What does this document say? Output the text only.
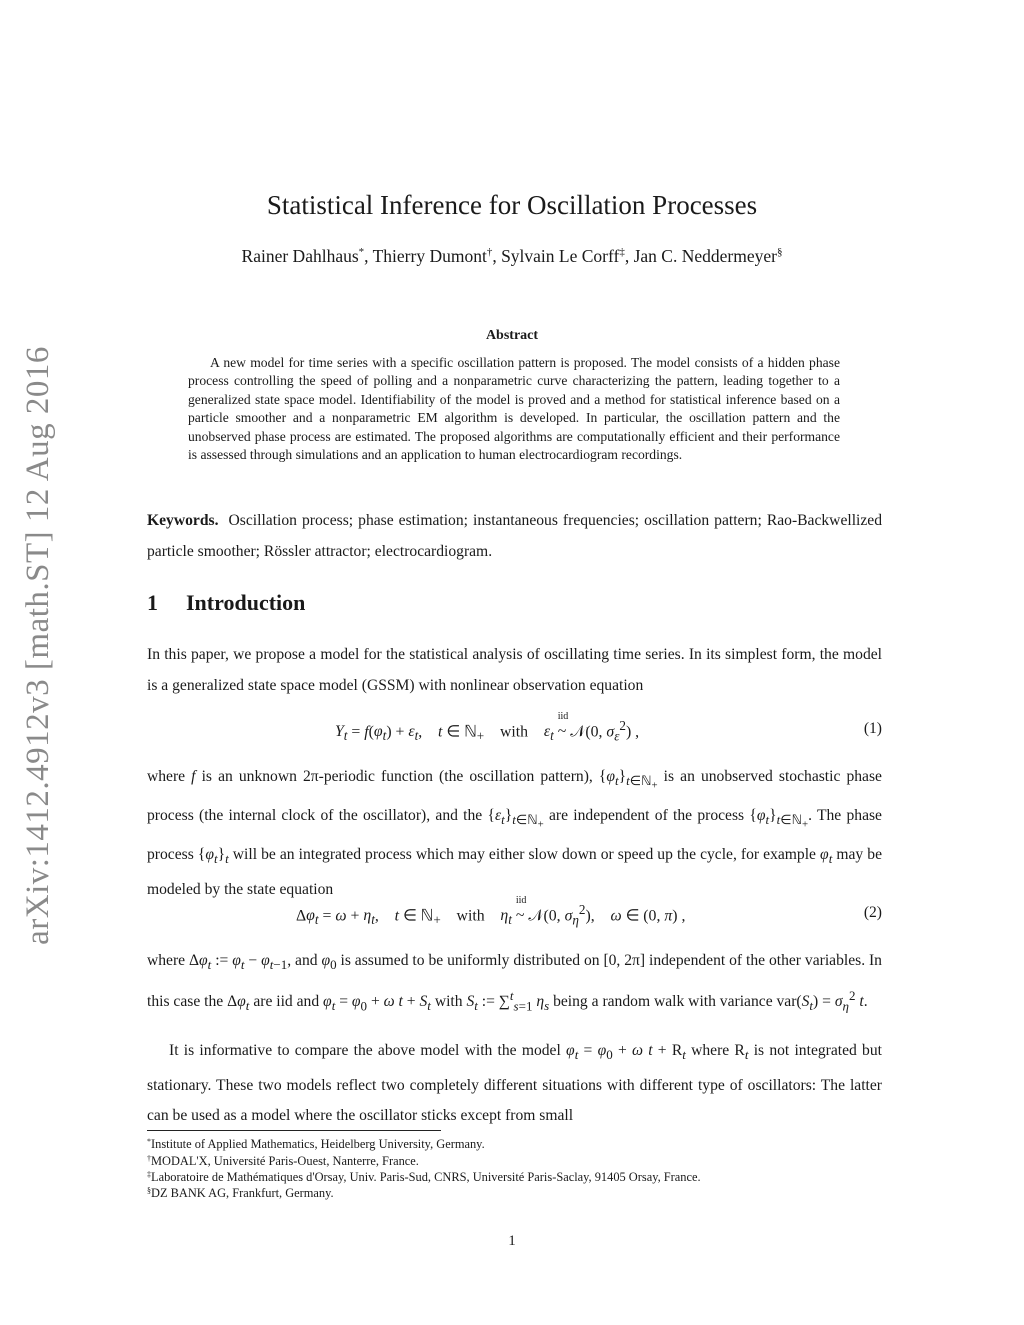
arXiv:1412.4912v3 [math.ST] 12 Aug 2016
Statistical Inference for Oscillation Processes
Rainer Dahlhaus*, Thierry Dumont†, Sylvain Le Corff‡, Jan C. Neddermeyer§
Abstract
A new model for time series with a specific oscillation pattern is proposed. The model consists of a hidden phase process controlling the speed of polling and a nonparametric curve characterizing the pattern, leading together to a generalized state space model. Identifiability of the model is proved and a method for statistical inference based on a particle smoother and a nonparametric EM algorithm is developed. In particular, the oscillation pattern and the unobserved phase process are estimated. The proposed algorithms are computationally efficient and their performance is assessed through simulations and an application to human electrocardiogram recordings.
Keywords. Oscillation process; phase estimation; instantaneous frequencies; oscillation pattern; Rao-Backwellized particle smoother; Rössler attractor; electrocardiogram.
1 Introduction
In this paper, we propose a model for the statistical analysis of oscillating time series. In its simplest form, the model is a generalized state space model (GSSM) with nonlinear observation equation
$Y_t = f(\varphi_t) + \varepsilon_t$,    t ∈ ℕ$_+$    with    $\varepsilon_t$
iid
~ 𝒩(0, $\sigma_\varepsilon^2$) ,	(1)
where f is an unknown 2π-periodic function (the oscillation pattern), $\{\varphi_t\}_{t\in ℕ_+}$ is an unobserved stochastic phase process (the internal clock of the oscillator), and the $\{\varepsilon_t\}_{t\in ℕ_+}$ are independent of the process $\{\varphi_t\}_{t\in ℕ_+}$. The phase process $\{\varphi_t\}_t$ will be an integrated process which may either slow down or speed up the cycle, for example $\varphi_t$ may be modeled by the state equation
$\Delta\varphi_t = \omega + \eta_t$,    t ∈ ℕ$_+$    with    $\eta_t$
iid
~ 𝒩(0, $\sigma_\eta^2$),    ω ∈ (0, π) ,	(2)
where $\Delta\varphi_t$ := $\varphi_t - \varphi_{t-1}$, and $\varphi_0$ is assumed to be uniformly distributed on [0, 2π] independent of the other variables. In this case the $\Delta\varphi_t$ are iid and $\varphi_t = \varphi_0 + \omega$ $t + S_t$ with $S_t$ := ∑$^t_{s=1}$ $\eta_s$ being a random walk with variance $var(S_t) = \sigma_\eta^2$ t.
It is informative to compare the above model with the model $\varphi_t = \varphi_0 + \omega$ $t + R_t$ where $R_t$ is not integrated but stationary. These two models reflect two completely different situations with different type of oscillators: The latter can be used as a model where the oscillator sticks except from small
*Institute of Applied Mathematics, Heidelberg University, Germany.
†MODAL'X, Université Paris-Ouest, Nanterre, France.
‡Laboratoire de Mathématiques d'Orsay, Univ. Paris-Sud, CNRS, Université Paris-Saclay, 91405 Orsay, France.
§DZ BANK AG, Frankfurt, Germany.
1
